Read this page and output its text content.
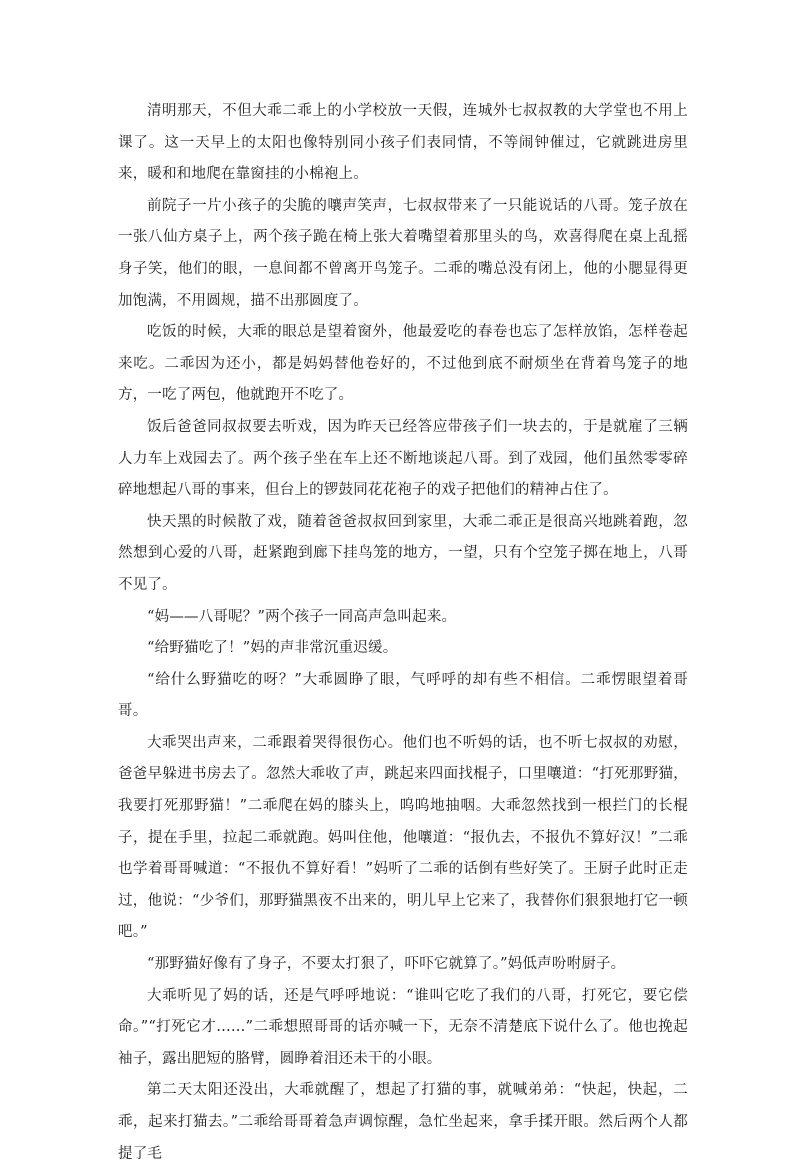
清明那天，不但大乖二乖上的小学校放一天假，连城外七叔叔教的大学堂也不用上课了。这一天早上的太阳也像特别同小孩子们表同情，不等闹钟催过，它就跳进房里来，暖和和地爬在靠窗挂的小棉袍上。

前院子一片小孩子的尖脆的嚷声笑声，七叔叔带来了一只能说话的八哥。笼子放在一张八仙方桌子上，两个孩子跪在椅上张大着嘴望着那里头的鸟，欢喜得爬在桌上乱摇身子笑，他们的眼，一息间都不曾离开鸟笼子。二乖的嘴总没有闭上，他的小腮显得更加饱满，不用圆规，描不出那圆度了。

吃饭的时候，大乖的眼总是望着窗外，他最爱吃的春卷也忘了怎样放馅，怎样卷起来吃。二乖因为还小，都是妈妈替他卷好的，不过他到底不耐烦坐在背着鸟笼子的地方，一吃了两包，他就跑开不吃了。

饭后爸爸同叔叔要去听戏，因为昨天已经答应带孩子们一块去的，于是就雇了三辆人力车上戏园去了。两个孩子坐在车上还不断地谈起八哥。到了戏园，他们虽然零零碎碎地想起八哥的事来，但台上的锣鼓同花花袍子的戏子把他们的精神占住了。

快天黑的时候散了戏，随着爸爸叔叔回到家里，大乖二乖正是很高兴地跳着跑，忽然想到心爱的八哥，赶紧跑到廊下挂鸟笼的地方，一望，只有个空笼子掷在地上，八哥不见了。

“妈——八哥呢？”两个孩子一同高声急叫起来。

“给野猫吃了！”妈的声非常沉重迟缓。

“给什么野猫吃的呀？”大乖圆睁了眼，气呼呼的却有些不相信。二乖愣眼望着哥哥。

大乖哭出声来，二乖跟着哭得很伤心。他们也不听妈的话，也不听七叔叔的劝慰，爸爸早躲进书房去了。忽然大乖收了声，跳起来四面找棍子，口里嚷道：“打死那野猫，我要打死那野猫！”二乖爬在妈的膝头上，呜呜地抽咽。大乖忽然找到一根拦门的长棍子，提在手里，拉起二乖就跑。妈叫住他，他嚷道：“报仇去，不报仇不算好汉！”二乖也学着哥哥喊道：“不报仇不算好看！”妈听了二乖的话倒有些好笑了。王厨子此时正走过，他说：“少爷们，那野猫黑夜不出来的，明儿早上它来了，我替你们狠狠地打它一顿吧。”

“那野猫好像有了身子，不要太打狠了，吓吓它就算了。”妈低声吩咐厨子。

大乖听见了妈的话，还是气呼呼地说：“谁叫它吃了我们的八哥，打死它，要它偿命。”“打死它才……”二乖想照哥哥的话亦喊一下，无奈不清楚底下说什么了。他也挽起袖子，露出肥短的胳臂，圆睁着泪还未干的小眼。

第二天太阳还没出，大乖就醒了，想起了打猫的事，就喊弟弟：“快起，快起，二乖，起来打猫去。”二乖给哥哥着急声调惊醒，急忙坐起来，拿手揉开眼。然后两个人都提了毛
